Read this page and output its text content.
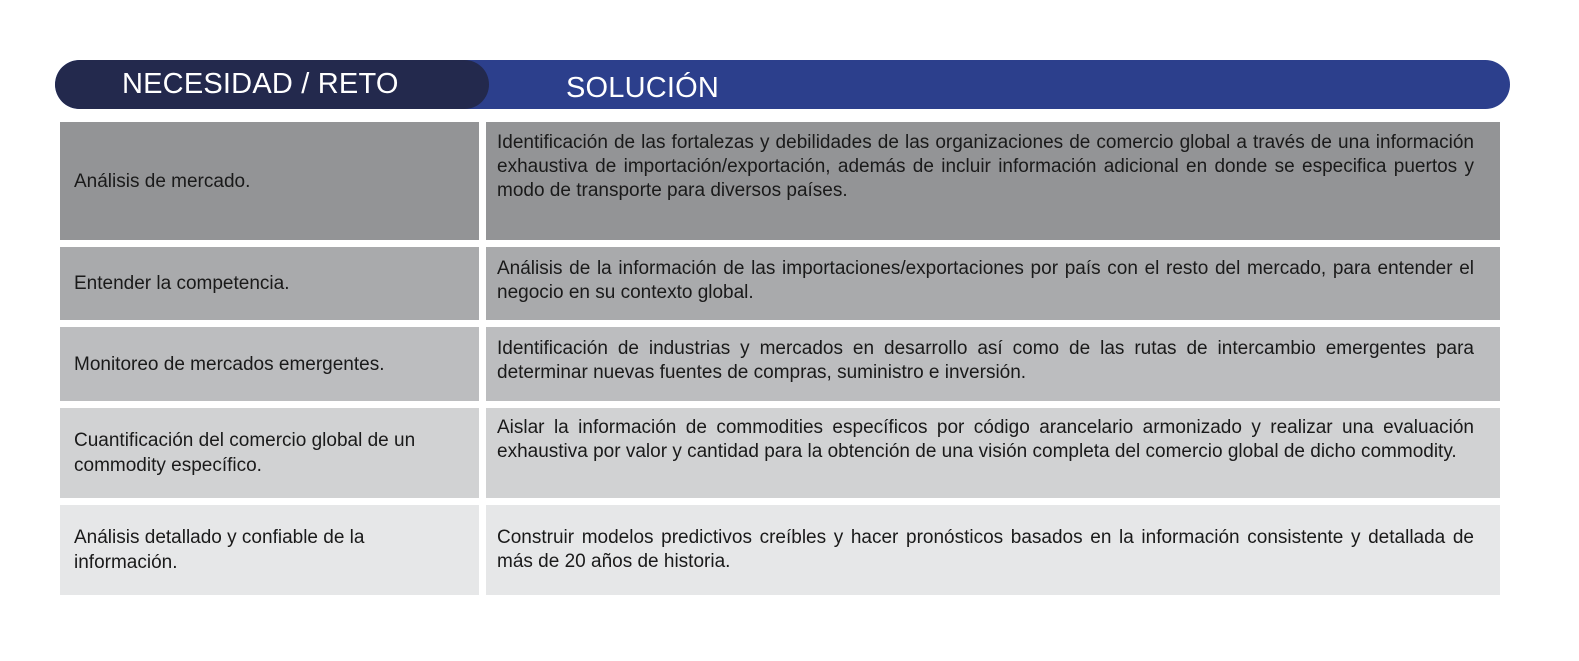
NECESIDAD / RETO	SOLUCIÓN
Análisis de mercado.
Identificación de las fortalezas y debilidades de las organizaciones de comercio global a través de una información exhaustiva de importación/exportación, además de incluir información adicional en donde se especifica puertos y modo de transporte para diversos países.
Entender la competencia.
Análisis de la información de las importaciones/exportaciones por país con el resto del mercado, para entender el negocio en su contexto global.
Monitoreo de mercados emergentes.
Identificación de industrias y mercados en desarrollo así como de las rutas de intercambio emergentes para determinar nuevas fuentes de compras, suministro e inversión.
Cuantificación del comercio global de un commodity específico.
Aislar la información de commodities específicos por código arancelario armonizado y realizar una evaluación exhaustiva por valor y cantidad para la obtención de una visión completa del comercio global de dicho commodity.
Análisis detallado y confiable de la información.
Construir modelos predictivos creíbles y hacer pronósticos basados en la información consistente y detallada de más de 20 años de historia.
